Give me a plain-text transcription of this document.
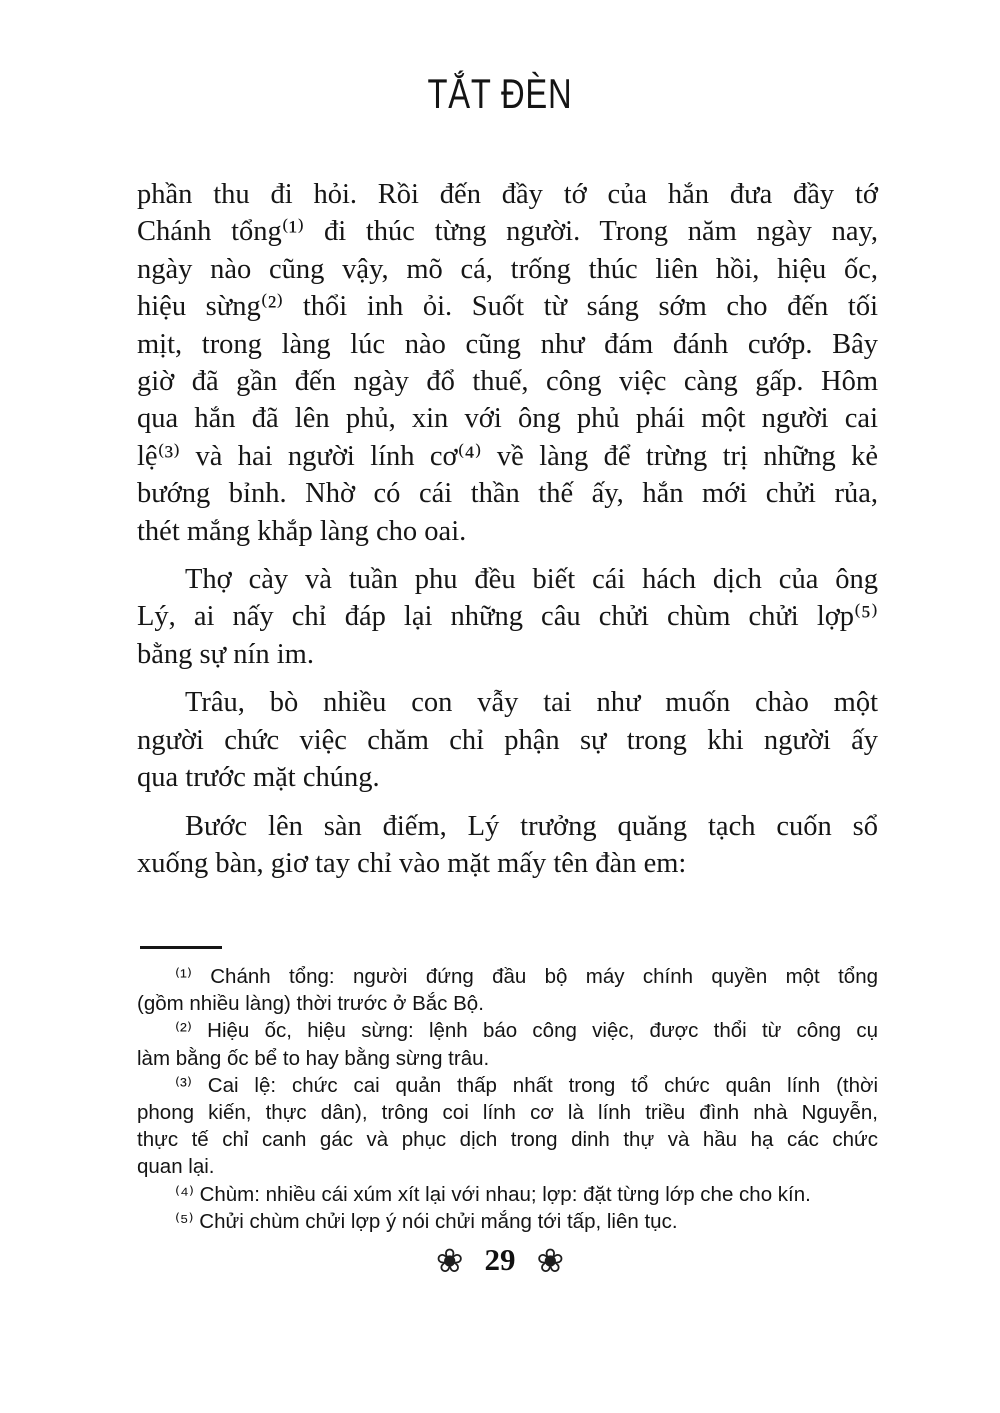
TẮT ĐÈN
phần thu đi hỏi. Rồi đến đầy tớ của hắn đưa đầy tớ
Chánh tổng⁽¹⁾ đi thúc từng người. Trong năm ngày nay,
ngày nào cũng vậy, mõ cá, trống thúc liên hồi, hiệu ốc,
hiệu sừng⁽²⁾ thổi inh ỏi. Suốt từ sáng sớm cho đến tối
mịt, trong làng lúc nào cũng như đám đánh cướp. Bây
giờ đã gần đến ngày đổ thuế, công việc càng gấp. Hôm
qua hắn đã lên phủ, xin với ông phủ phái một người cai
lệ⁽³⁾ và hai người lính cơ⁽⁴⁾ về làng để trừng trị những kẻ
bướng bỉnh. Nhờ có cái thần thế ấy, hắn mới chửi rủa,
thét mắng khắp làng cho oai.
Thợ cày và tuần phu đều biết cái hách dịch của ông
Lý, ai nấy chỉ đáp lại những câu chửi chùm chửi lợp⁽⁵⁾
bằng sự nín im.
Trâu, bò nhiều con vẫy tai như muốn chào một
người chức việc chăm chỉ phận sự trong khi người ấy
qua trước mặt chúng.
Bước lên sàn điếm, Lý trưởng quăng tạch cuốn sổ
xuống bàn, giơ tay chỉ vào mặt mấy tên đàn em:
⁽¹⁾ Chánh tổng: người đứng đầu bộ máy chính quyền một tổng
(gồm nhiều làng) thời trước ở Bắc Bộ.
⁽²⁾ Hiệu ốc, hiệu sừng: lệnh báo công việc, được thổi từ công cụ
làm bằng ốc bể to hay bằng sừng trâu.
⁽³⁾ Cai lệ: chức cai quản thấp nhất trong tổ chức quân lính (thời
phong kiến, thực dân), trông coi lính cơ là lính triều đình nhà Nguyễn,
thực tế chỉ canh gác và phục dịch trong dinh thự và hầu hạ các chức
quan lại.
⁽⁴⁾ Chùm: nhiều cái xúm xít lại với nhau; lợp: đặt từng lớp che cho kín.
⁽⁵⁾ Chửi chùm chửi lợp ý nói chửi mắng tới tấp, liên tục.
❀ 29 ❀
